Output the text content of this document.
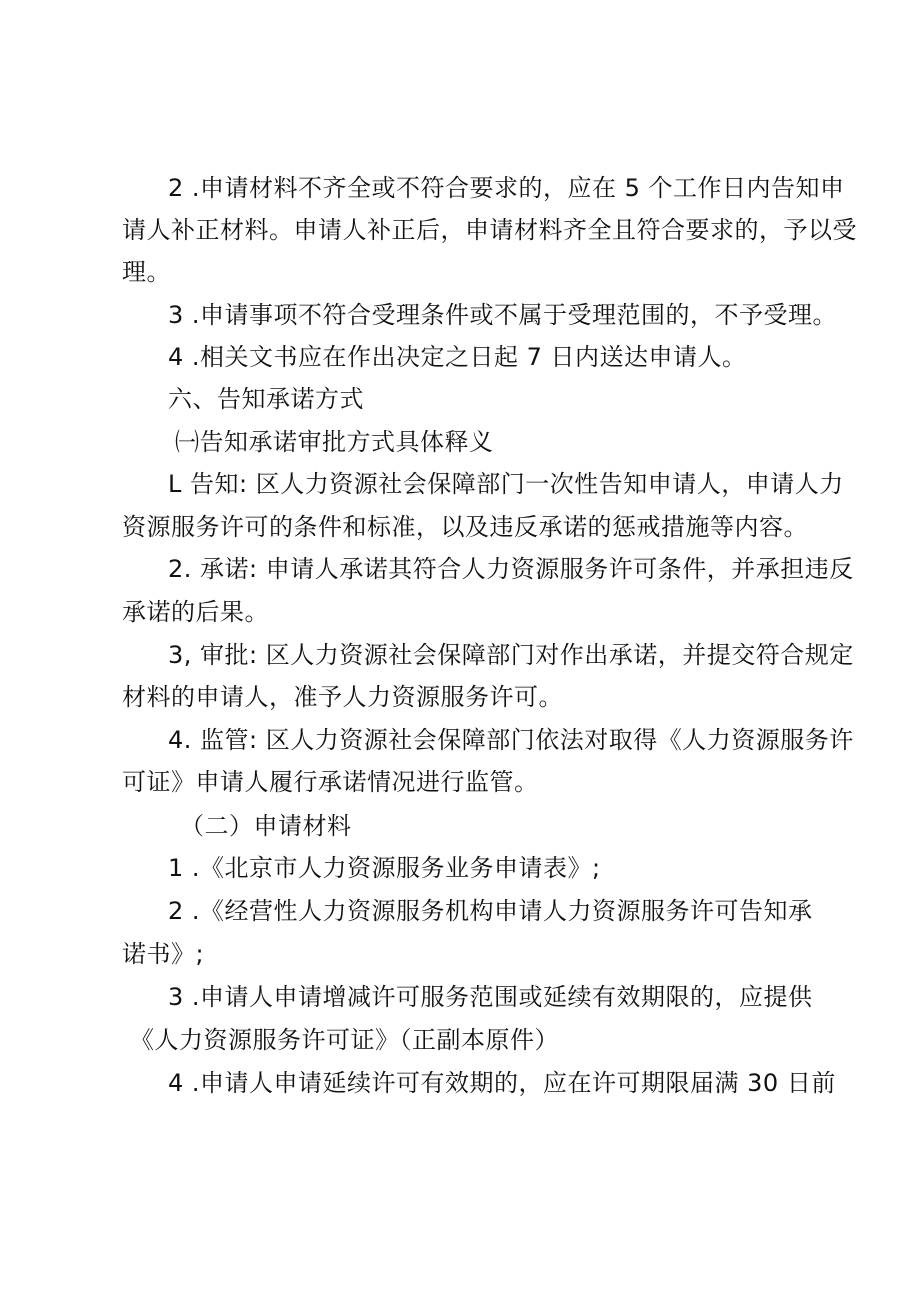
2 .申请材料不齐全或不符合要求的，应在 5 个工作日内告知申

请人补正材料。申请人补正后，申请材料齐全且符合要求的，予以受

理。

3 .申请事项不符合受理条件或不属于受理范围的，不予受理。

4 .相关文书应在作出决定之日起 7 日内送达申请人。

六、告知承诺方式

㈠告知承诺审批方式具体释义

L 告知: 区人力资源社会保障部门一次性告知申请人，申请人力

资源服务许可的条件和标准，以及违反承诺的惩戒措施等内容。

2. 承诺: 申请人承诺其符合人力资源服务许可条件，并承担违反

承诺的后果。

3, 审批: 区人力资源社会保障部门对作出承诺，并提交符合规定

材料的申请人，准予人力资源服务许可。

4. 监管: 区人力资源社会保障部门依法对取得《人力资源服务许

可证》申请人履行承诺情况进行监管。

（二）申请材料

1 .《北京市人力资源服务业务申请表》;

2 .《经营性人力资源服务机构申请人力资源服务许可告知承

诺书》;

3 .申请人申请增减许可服务范围或延续有效期限的，应提供

《人力资源服务许可证》（正副本原件）

4 .申请人申请延续许可有效期的，应在许可期限届满 30 日前
